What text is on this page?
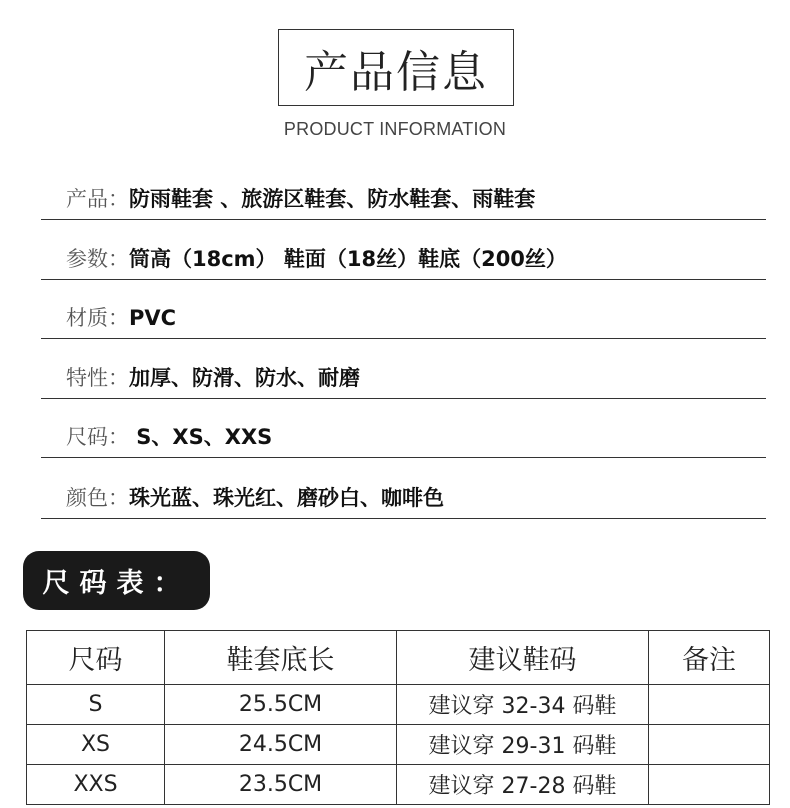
产品信息
PRODUCT INFORMATION
产品：防雨鞋套 、旅游区鞋套、防水鞋套、雨鞋套
参数：筒高（18cm） 鞋面（18丝）鞋底（200丝）
材质：PVC
特性：加厚、防滑、防水、耐磨
尺码： S、XS、XXS
颜色：珠光蓝、珠光红、磨砂白、咖啡色
尺码表：
尺码	鞋套底长	建议鞋码	备注
S	25.5CM	建议穿 32-34 码鞋	
XS	24.5CM	建议穿 29-31 码鞋	
XXS	23.5CM	建议穿 27-28 码鞋	
